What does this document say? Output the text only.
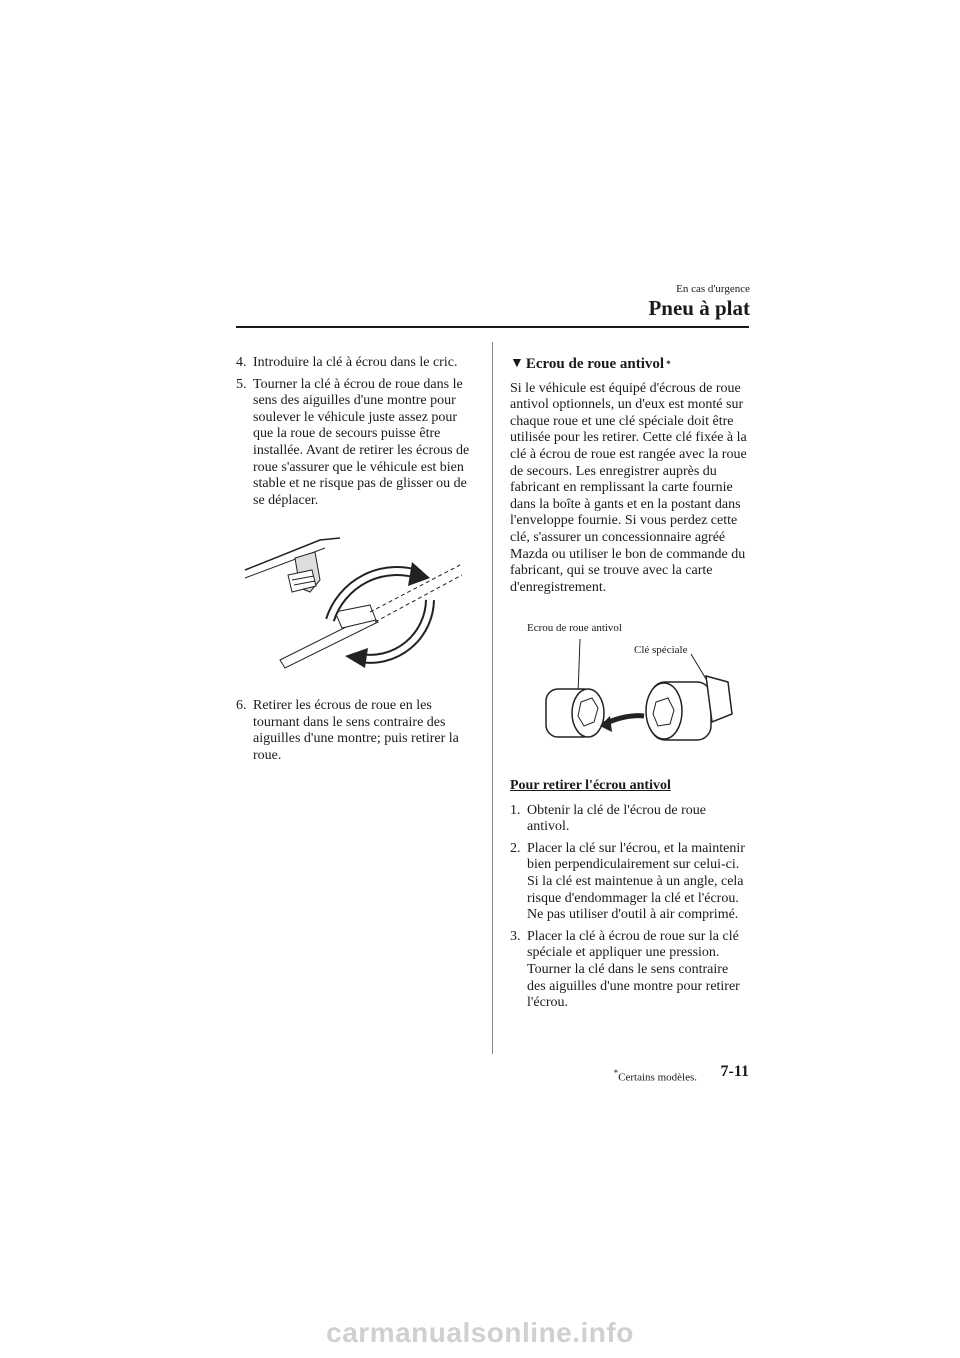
En cas d'urgence
Pneu à plat
4. Introduire la clé à écrou dans le cric.
5. Tourner la clé à écrou de roue dans le sens des aiguilles d'une montre pour soulever le véhicule juste assez pour que la roue de secours puisse être installée. Avant de retirer les écrous de roue s'assurer que le véhicule est bien stable et ne risque pas de glisser ou de se déplacer.
6. Retirer les écrous de roue en les tournant dans le sens contraire des aiguilles d'une montre; puis retirer la roue.
▼ Ecrou de roue antivol *
Si le véhicule est équipé d'écrous de roue antivol optionnels, un d'eux est monté sur chaque roue et une clé spéciale doit être utilisée pour les retirer. Cette clé fixée à la clé à écrou de roue est rangée avec la roue de secours. Les enregistrer auprès du fabricant en remplissant la carte fournie dans la boîte à gants et en la postant dans l'enveloppe fournie. Si vous perdez cette clé, s'assurer un concessionnaire agréé Mazda ou utiliser le bon de commande du fabricant, qui se trouve avec la carte d'enregistrement.
Ecrou de roue antivol
Clé spéciale
Pour retirer l'écrou antivol
1. Obtenir la clé de l'écrou de roue antivol.
2. Placer la clé sur l'écrou, et la maintenir bien perpendiculairement sur celui-ci. Si la clé est maintenue à un angle, cela risque d'endommager la clé et l'écrou. Ne pas utiliser d'outil à air comprimé.
3. Placer la clé à écrou de roue sur la clé spéciale et appliquer une pression. Tourner la clé dans le sens contraire des aiguilles d'une montre pour retirer l'écrou.
*Certains modèles. 7-11
carmanualsonline.info
